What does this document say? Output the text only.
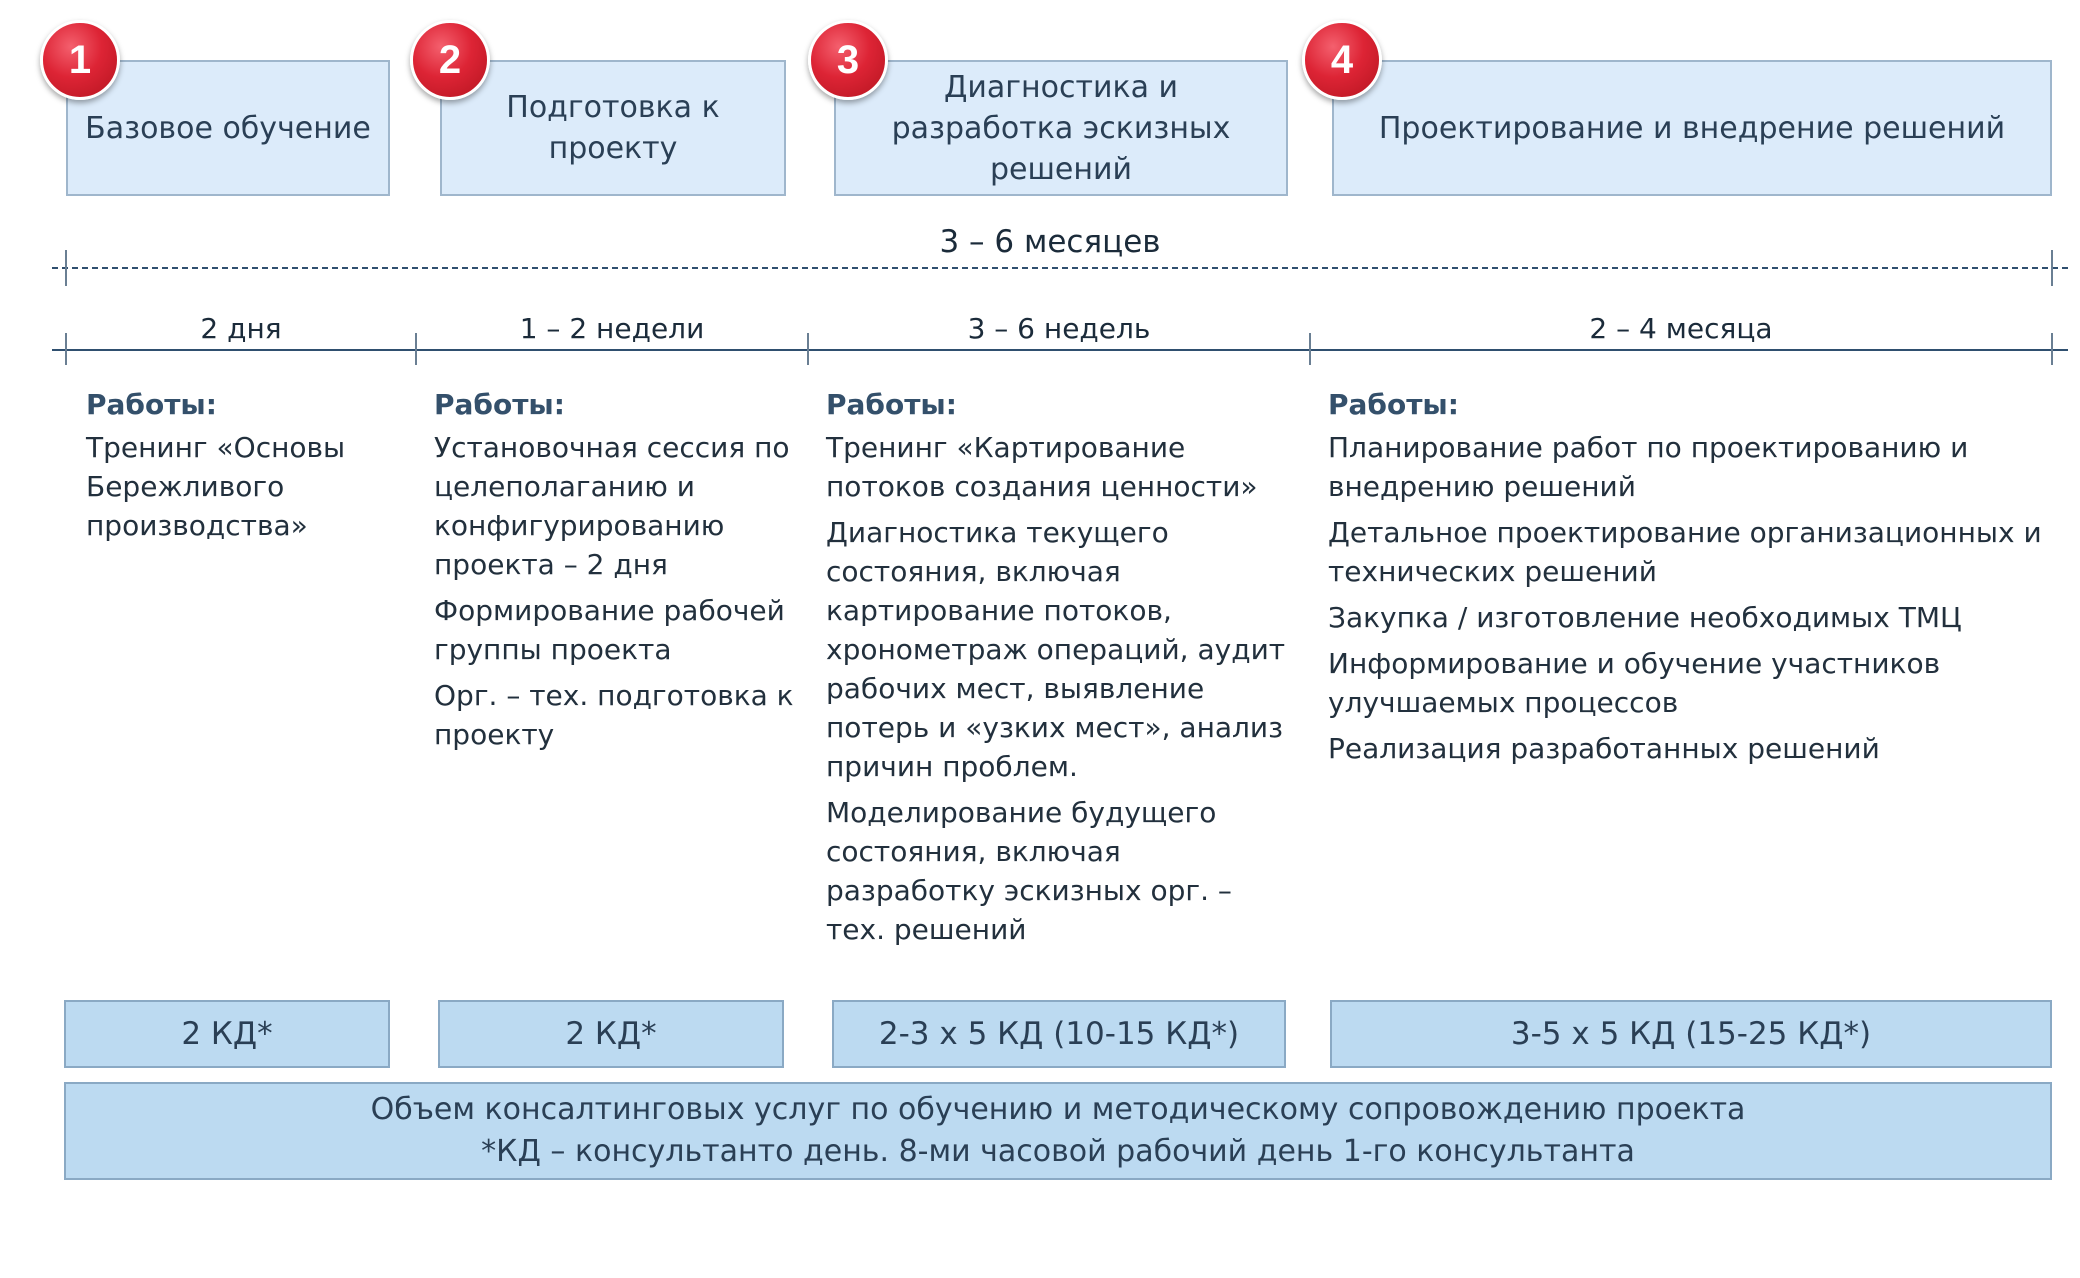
Базовое обучение
Подготовка к проекту
Диагностика и разработка эскизных решений
Проектирование и внедрение решений
1	2	3	4
3 – 6 месяцев
2 дня	1 – 2 недели	3 – 6 недель	2 – 4 месяца
Работы:
Тренинг «Основы Бережливого производства»
Работы:
Установочная сессия по целеполаганию и конфигурированию проекта – 2 дня
Формирование рабочей группы проекта
Орг. – тех. подготовка к проекту
Работы:
Тренинг «Картирование потоков создания ценности»
Диагностика текущего состояния, включая картирование потоков, хронометраж операций, аудит рабочих мест, выявление потерь и «узких мест», анализ причин проблем.
Моделирование будущего состояния, включая разработку эскизных орг. – тех. решений
Работы:
Планирование работ по проектированию и внедрению решений
Детальное проектирование организационных и технических решений
Закупка / изготовление необходимых ТМЦ
Информирование и обучение участников улучшаемых процессов
Реализация разработанных решений
2 КД*	2 КД*	2-3 x 5 КД (10-15 КД*)	3-5 x 5 КД (15-25 КД*)
Объем консалтинговых услуг по обучению и методическому сопровождению проекта
*КД – консультанто день. 8-ми часовой рабочий день 1-го консультанта
